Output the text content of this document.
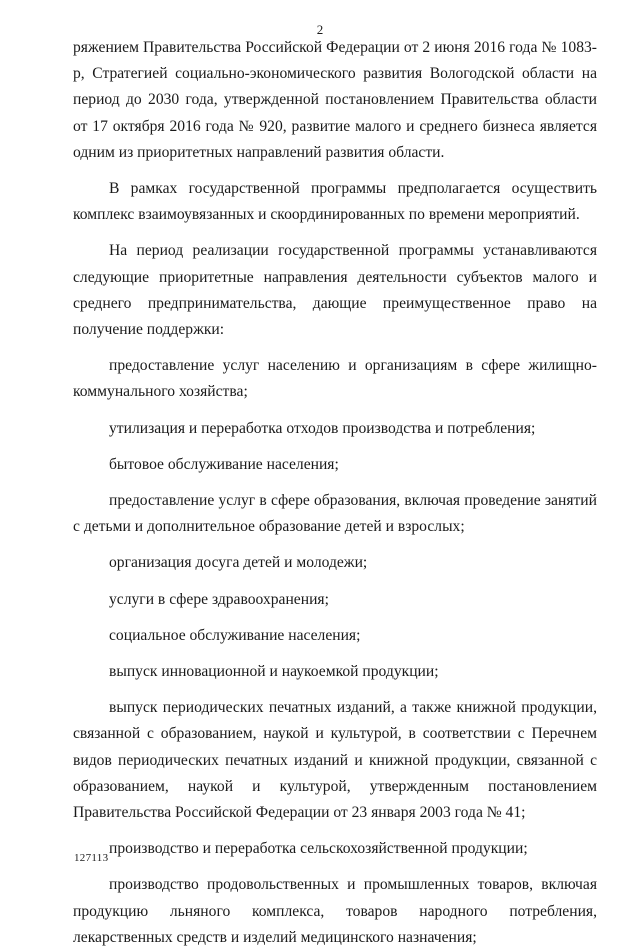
2

ряжением Правительства Российской Федерации от 2 июня 2016 года № 1083-р, Стратегией социально-экономического развития Вологодской области на период до 2030 года, утвержденной постановлением Правительства области от 17 октября 2016 года № 920, развитие малого и среднего бизнеса является одним из приоритетных направлений развития области.

В рамках государственной программы предполагается осуществить комплекс взаимоувязанных и скоординированных по времени мероприятий.

На период реализации государственной программы устанавливаются следующие приоритетные направления деятельности субъектов малого и среднего предпринимательства, дающие преимущественное право на получение поддержки:

предоставление услуг населению и организациям в сфере жилищно-коммунального хозяйства;

утилизация и переработка отходов производства и потребления;

бытовое обслуживание населения;

предоставление услуг в сфере образования, включая проведение занятий с детьми и дополнительное образование детей и взрослых;

организация досуга детей и молодежи;

услуги в сфере здравоохранения;

социальное обслуживание населения;

выпуск инновационной и наукоемкой продукции;

выпуск периодических печатных изданий, а также книжной продукции, связанной с образованием, наукой и культурой, в соответствии с Перечнем видов периодических печатных изданий и книжной продукции, связанной с образованием, наукой и культурой, утвержденным постановлением Правительства Российской Федерации от 23 января 2003 года № 41;

производство и переработка сельскохозяйственной продукции;

производство продовольственных и промышленных товаров, включая продукцию льняного комплекса, товаров народного потребления, лекарственных средств и изделий медицинского назначения;

127113
